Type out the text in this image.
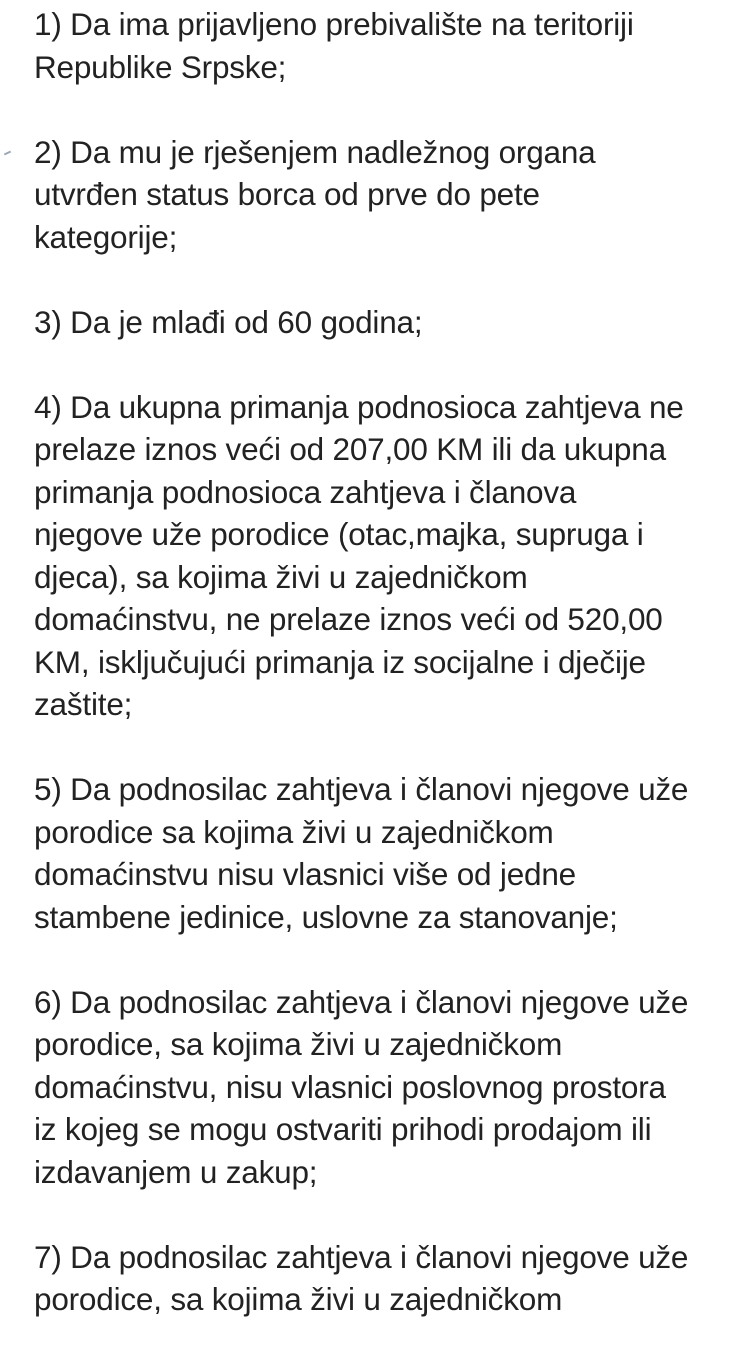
1) Da ima prijavljeno prebivalište na teritoriji
Republike Srpske;
2) Da mu je rješenjem nadležnog organa
utvrđen status borca od prve do pete
kategorije;
3) Da je mlađi od 60 godina;
4) Da ukupna primanja podnosioca zahtjeva ne
prelaze iznos veći od 207,00 KM ili da ukupna
primanja podnosioca zahtjeva i članova
njegove uže porodice (otac,majka, supruga i
djeca), sa kojima živi u zajedničkom
domaćinstvu, ne prelaze iznos veći od 520,00
KM, isključujući primanja iz socijalne i dječije
zaštite;
5) Da podnosilac zahtjeva i članovi njegove uže
porodice sa kojima živi u zajedničkom
domaćinstvu nisu vlasnici više od jedne
stambene jedinice, uslovne za stanovanje;
6) Da podnosilac zahtjeva i članovi njegove uže
porodice, sa kojima živi u zajedničkom
domaćinstvu, nisu vlasnici poslovnog prostora
iz kojeg se mogu ostvariti prihodi prodajom ili
izdavanjem u zakup;
7) Da podnosilac zahtjeva i članovi njegove uže
porodice, sa kojima živi u zajedničkom
